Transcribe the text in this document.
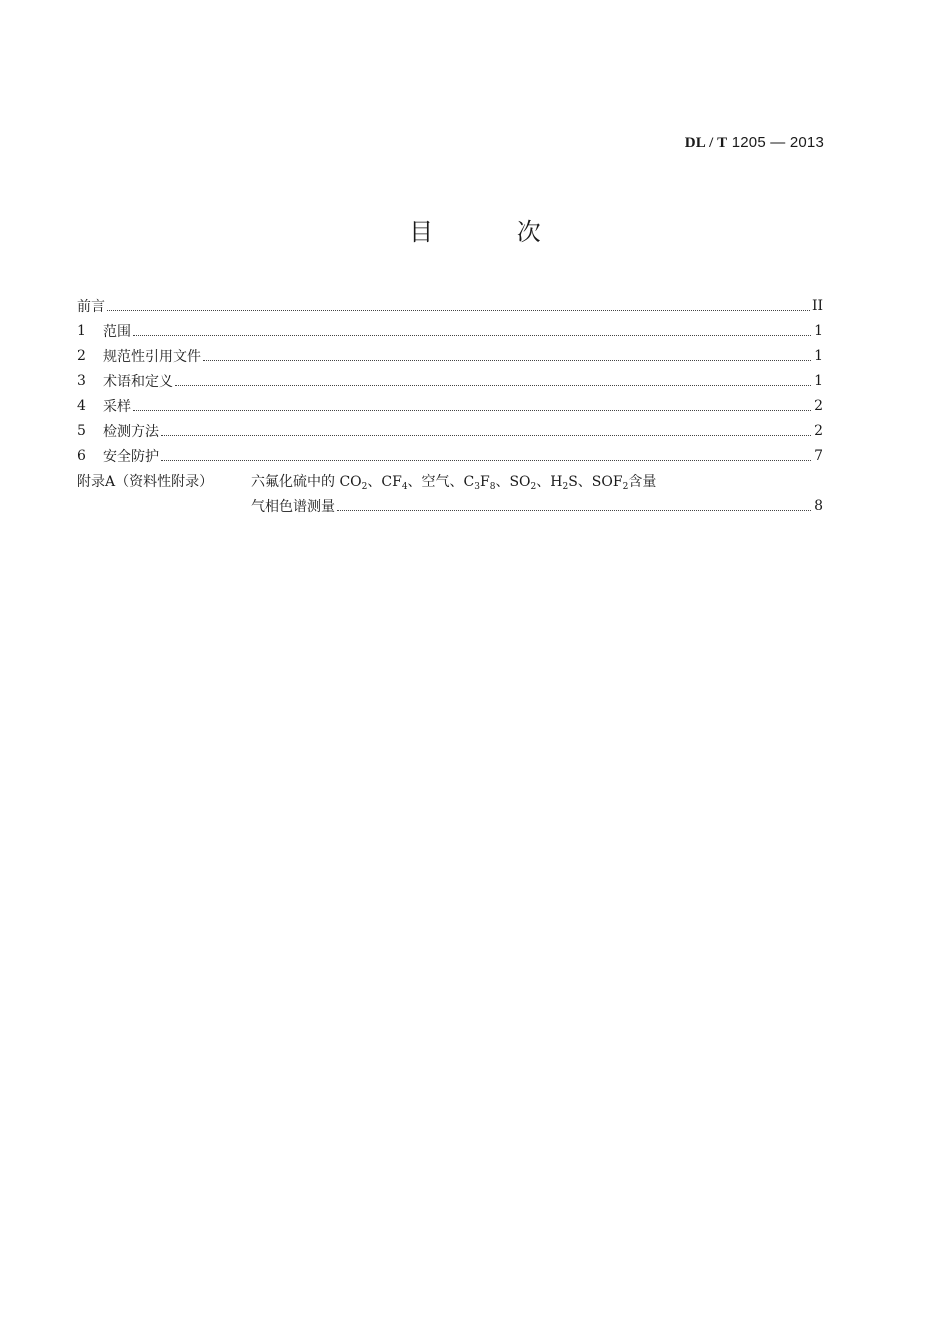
DL / T 1205 — 2013
目 次
前言	II
1	范围	1
2	规范性引用文件	1
3	术语和定义	1
4	采样	2
5	检测方法	2
6	安全防护	7
附录A（资料性附录）	六氟化硫中的 $CO_2$、$CF_4$、空气、$C_3F_8$、$SO_2$、$H_2S$、$SOF_2$含量
气相色谱测量	8
